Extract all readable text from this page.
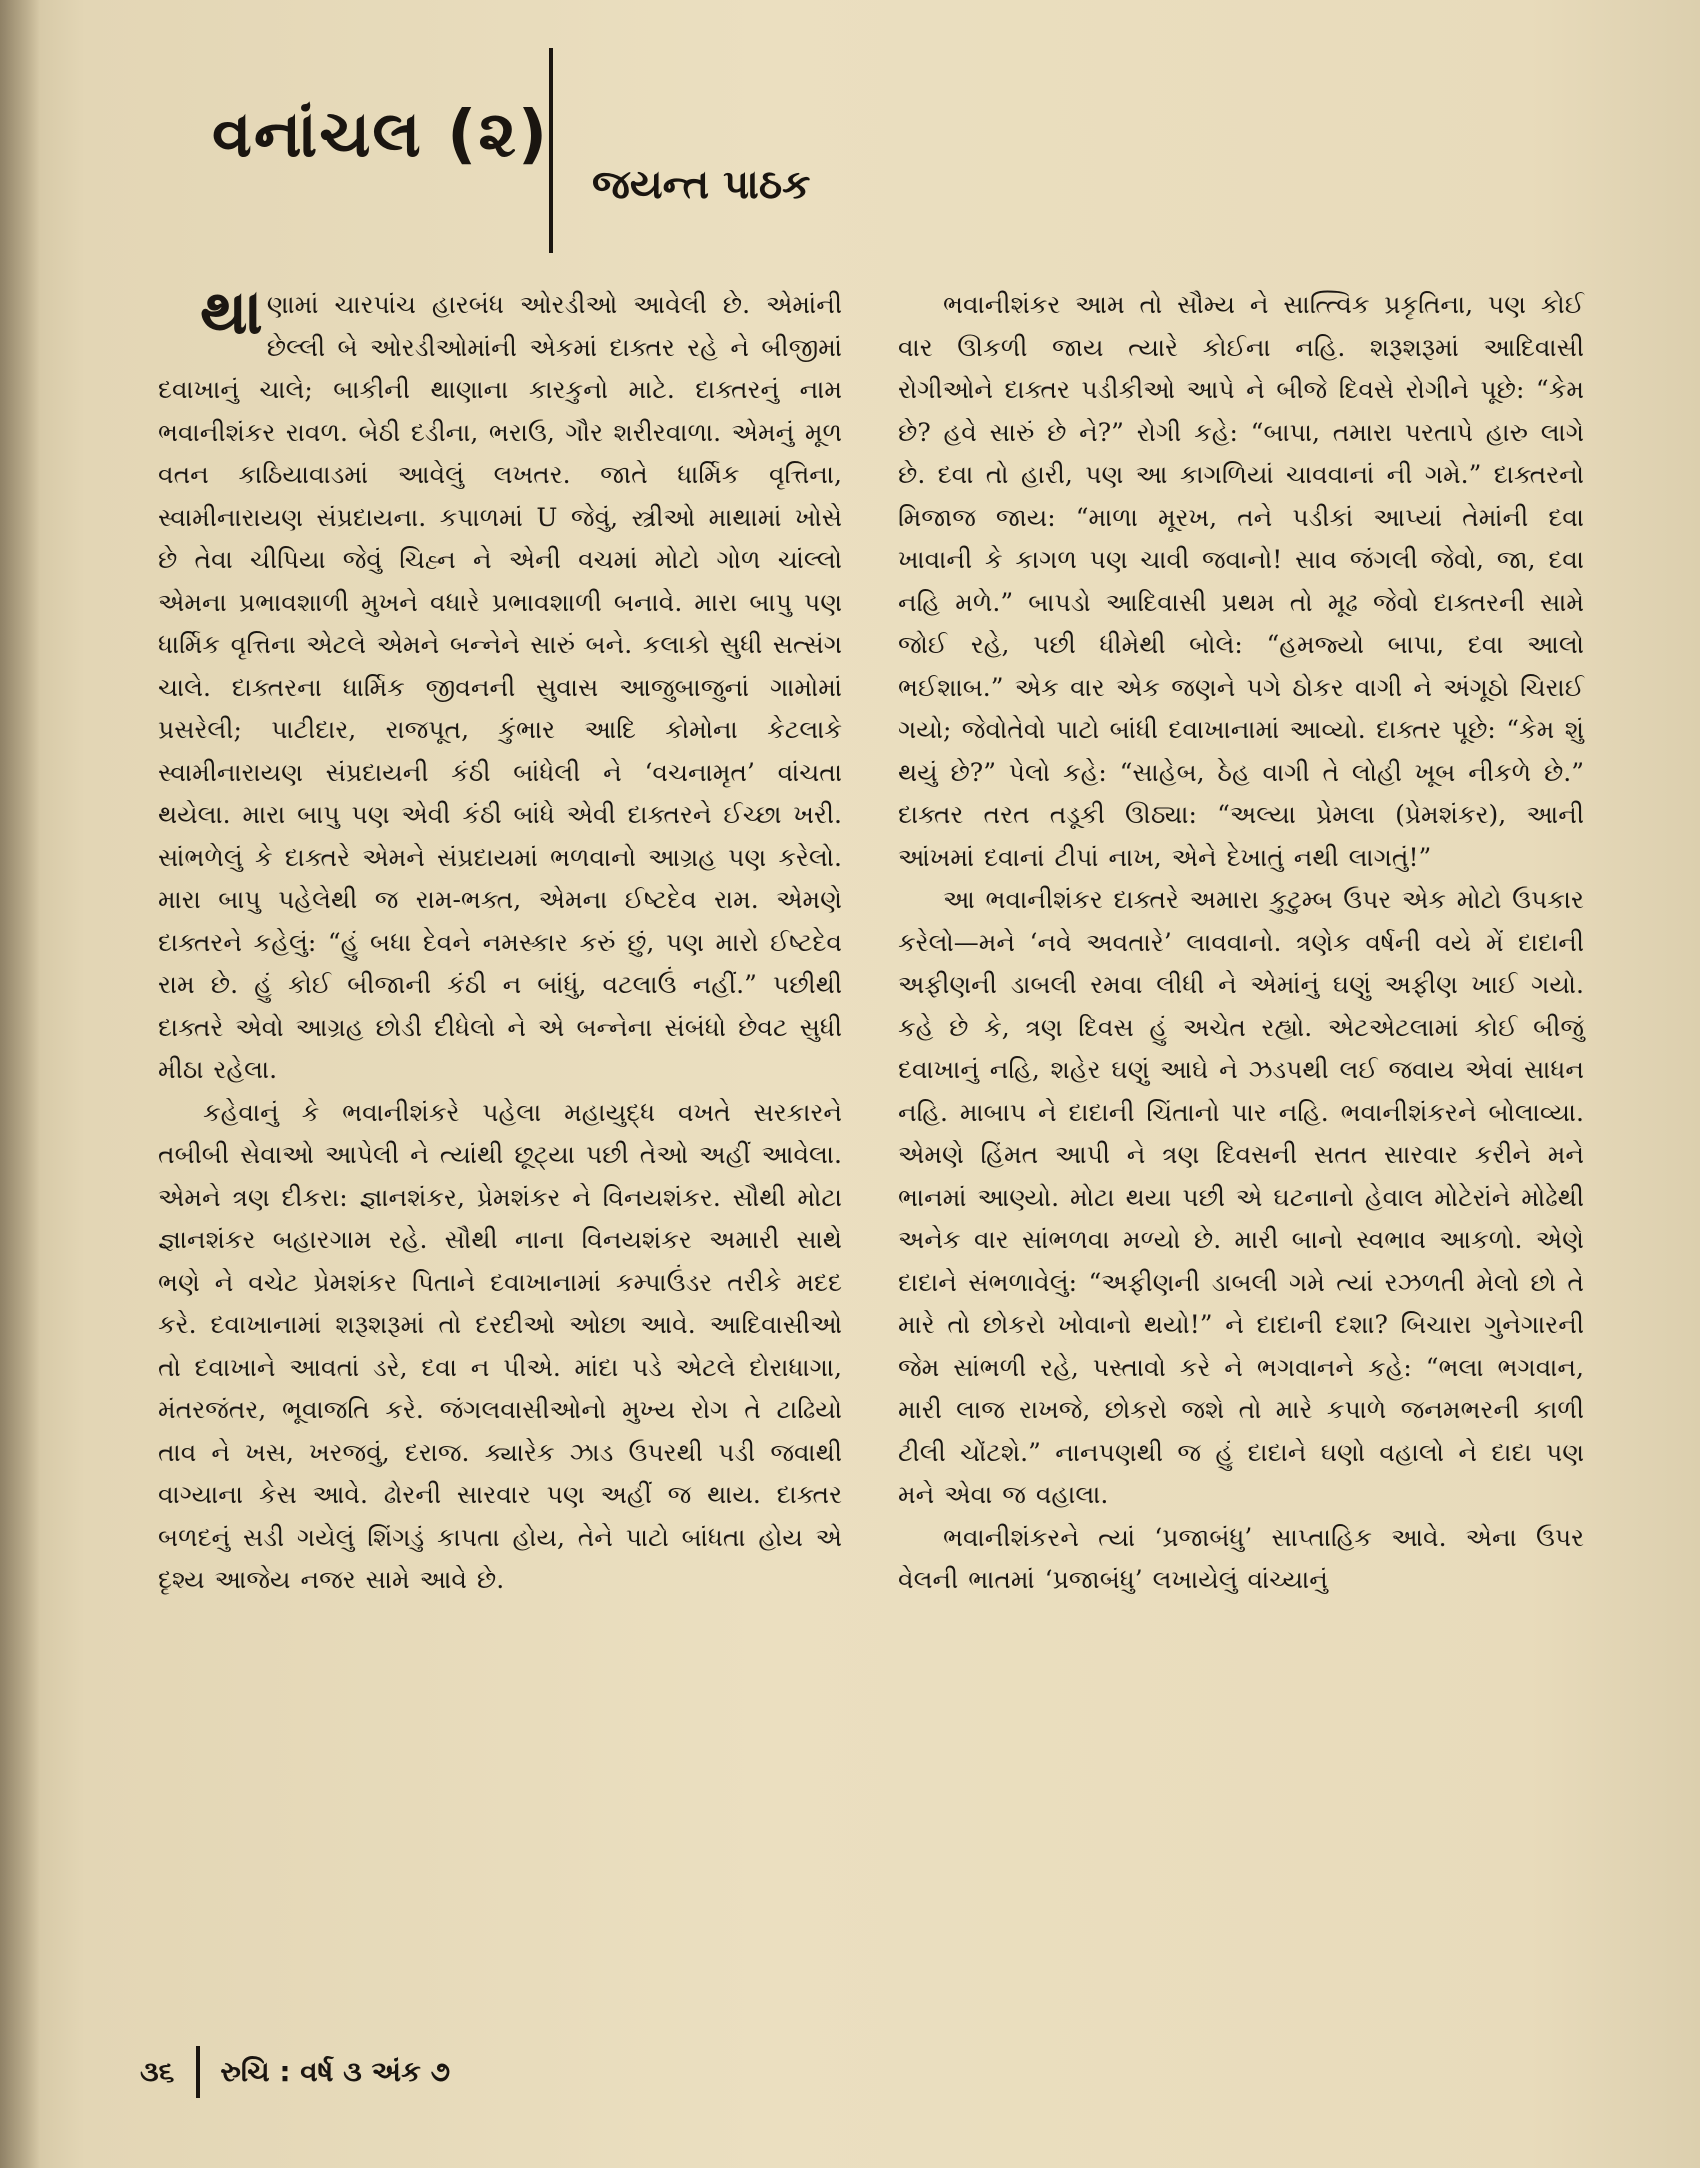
વનાંચલ (૨)
જયન્ત પાઠક

થાણામાં ચારપાંચ હારબંધ ઓરડીઓ આવેલી છે. એમાંની છેલ્લી બે ઓરડીઓમાંની એકમાં દાક્તર રહે ને બીજીમાં દવાખાનું ચાલે; બાકીની થાણાના કારકુનો માટે. દાક્તરનું નામ ભવાનીશંકર રાવળ. બેઠી દડીના, ભરાઉ, ગૌર શરીરવાળા. એમનું મૂળ વતન કાઠિયાવાડમાં આવેલું લખતર. જાતે ધાર્મિક વૃત્તિના, સ્વામીનારાયણ સંપ્રદાયના. કપાળમાં U જેવું, સ્ત્રીઓ માથામાં ખોસે છે તેવા ચીપિયા જેવું ચિહ્ન ને એની વચમાં મોટો ગોળ ચાંલ્લો એમના પ્રભાવશાળી મુખને વધારે પ્રભાવશાળી બનાવે. મારા બાપુ પણ ધાર્મિક વૃત્તિના એટલે એમને બન્નેને સારું બને. કલાકો સુધી સત્સંગ ચાલે. દાક્તરના ધાર્મિક જીવનની સુવાસ આજુબાજુનાં ગામોમાં પ્રસરેલી; પાટીદાર, રાજપૂત, કુંભાર આદિ કોમોના કેટલાકે સ્વામીનારાયણ સંપ્રદાયની કંઠી બાંધેલી ને ‘વચનામૃત’ વાંચતા થયેલા. મારા બાપુ પણ એવી કંઠી બાંધે એવી દાક્તરને ઈચ્છા ખરી. સાંભળેલું કે દાક્તરે એમને સંપ્રદાયમાં ભળવાનો આગ્રહ પણ કરેલો. મારા બાપુ પહેલેથી જ રામ-ભક્ત, એમના ઈષ્ટદેવ રામ. એમણે દાક્તરને કહેલું: “હું બધા દેવને નમસ્કાર કરું છું, પણ મારો ઈષ્ટદેવ રામ છે. હું કોઈ બીજાની કંઠી ન બાંધું, વટલાઉં નહીં.” પછીથી દાક્તરે એવો આગ્રહ છોડી દીધેલો ને એ બન્નેના સંબંધો છેવટ સુધી મીઠા રહેલા.

કહેવાનું કે ભવાનીશંકરે પહેલા મહાયુદ્ધ વખતે સરકારને તબીબી સેવાઓ આપેલી ને ત્યાંથી છૂટ્યા પછી તેઓ અહીં આવેલા. એમને ત્રણ દીકરા: જ્ઞાનશંકર, પ્રેમશંકર ને વિનયશંકર. સૌથી મોટા જ્ઞાનશંકર બહારગામ રહે. સૌથી નાના વિનયશંકર અમારી સાથે ભણે ને વચેટ પ્રેમશંકર પિતાને દવાખાનામાં કમ્પાઉંડર તરીકે મદદ કરે. દવાખાનામાં શરૂશરૂમાં તો દરદીઓ ઓછા આવે. આદિવાસીઓ તો દવાખાને આવતાં ડરે, દવા ન પીએ. માંદા પડે એટલે દોરાધાગા, મંતરજંતર, ભૂવાજતિ કરે. જંગલવાસીઓનો મુખ્ય રોગ તે ટાઢિયો તાવ ને ખસ, ખરજવું, દરાજ. ક્યારેક ઝાડ ઉપરથી પડી જવાથી વાગ્યાના કેસ આવે. ઢોરની સારવાર પણ અહીં જ થાય. દાક્તર બળદનું સડી ગયેલું શિંગડું કાપતા હોય, તેને પાટો બાંધતા હોય એ દૃશ્ય આજેય નજર સામે આવે છે.

ભવાનીશંકર આમ તો સૌમ્ય ને સાત્ત્વિક પ્રકૃતિના, પણ કોઈ વાર ઊકળી જાય ત્યારે કોઈના નહિ. શરૂશરૂમાં આદિવાસી રોગીઓને દાક્તર પડીકીઓ આપે ને બીજે દિવસે રોગીને પૂછે: “કેમ છે? હવે સારું છે ને?” રોગી કહે: “બાપા, તમારા પરતાપે હારુ લાગે છે. દવા તો હારી, પણ આ કાગળિયાં ચાવવાનાં ની ગમે.” દાક્તરનો મિજાજ જાય: “માળા મૂરખ, તને પડીકાં આપ્યાં તેમાંની દવા ખાવાની કે કાગળ પણ ચાવી જવાનો! સાવ જંગલી જેવો, જા, દવા નહિ મળે.” બાપડો આદિવાસી પ્રથમ તો મૂઢ જેવો દાક્તરની સામે જોઈ રહે, પછી ધીમેથી બોલે: “હમજ્યો બાપા, દવા આલો ભઈશાબ.” એક વાર એક જણને પગે ઠોકર વાગી ને અંગૂઠો ચિરાઈ ગયો; જેવોતેવો પાટો બાંધી દવાખાનામાં આવ્યો. દાક્તર પૂછે: “કેમ શું થયું છે?” પેલો કહે: “સાહેબ, ઠેહ વાગી તે લોહી ખૂબ નીકળે છે.” દાક્તર તરત તડૂકી ઊઠ્યા: “અલ્યા પ્રેમલા (પ્રેમશંકર), આની આંખમાં દવાનાં ટીપાં નાખ, એને દેખાતું નથી લાગતું!”

આ ભવાનીશંકર દાક્તરે અમારા કુટુમ્બ ઉપર એક મોટો ઉપકાર કરેલો—મને ‘નવે અવતારે’ લાવવાનો. ત્રણેક વર્ષની વયે મેં દાદાની અફીણની ડાબલી રમવા લીધી ને એમાંનું ઘણું અફીણ ખાઈ ગયો. કહે છે કે, ત્રણ દિવસ હું અચેત રહ્યો. એટએટલામાં કોઈ બીજું દવાખાનું નહિ, શહેર ઘણું આઘે ને ઝડપથી લઈ જવાય એવાં સાધન નહિ. માબાપ ને દાદાની ચિંતાનો પાર નહિ. ભવાનીશંકરને બોલાવ્યા. એમણે હિંમત આપી ને ત્રણ દિવસની સતત સારવાર કરીને મને ભાનમાં આણ્યો. મોટા થયા પછી એ ઘટનાનો હેવાલ મોટેરાંને મોઢેથી અનેક વાર સાંભળવા મળ્યો છે. મારી બાનો સ્વભાવ આકળો. એણે દાદાને સંભળાવેલું: “અફીણની ડાબલી ગમે ત્યાં રઝળતી મેલો છો તે મારે તો છોકરો ખોવાનો થયો!” ને દાદાની દશા? બિચારા ગુનેગારની જેમ સાંભળી રહે, પસ્તાવો કરે ને ભગવાનને કહે: “ભલા ભગવાન, મારી લાજ રાખજે, છોકરો જશે તો મારે કપાળે જનમભરની કાળી ટીલી ચોંટશે.” નાનપણથી જ હું દાદાને ઘણો વહાલો ને દાદા પણ મને એવા જ વહાલા.

ભવાનીશંકરને ત્યાં ‘પ્રજાબંધુ’ સાપ્તાહિક આવે. એના ઉપર વેલની ભાતમાં ‘પ્રજાબંધુ’ લખાયેલું વાંચ્યાનું

૩૬ રુચિ : વર્ષ ૩ અંક ૭
